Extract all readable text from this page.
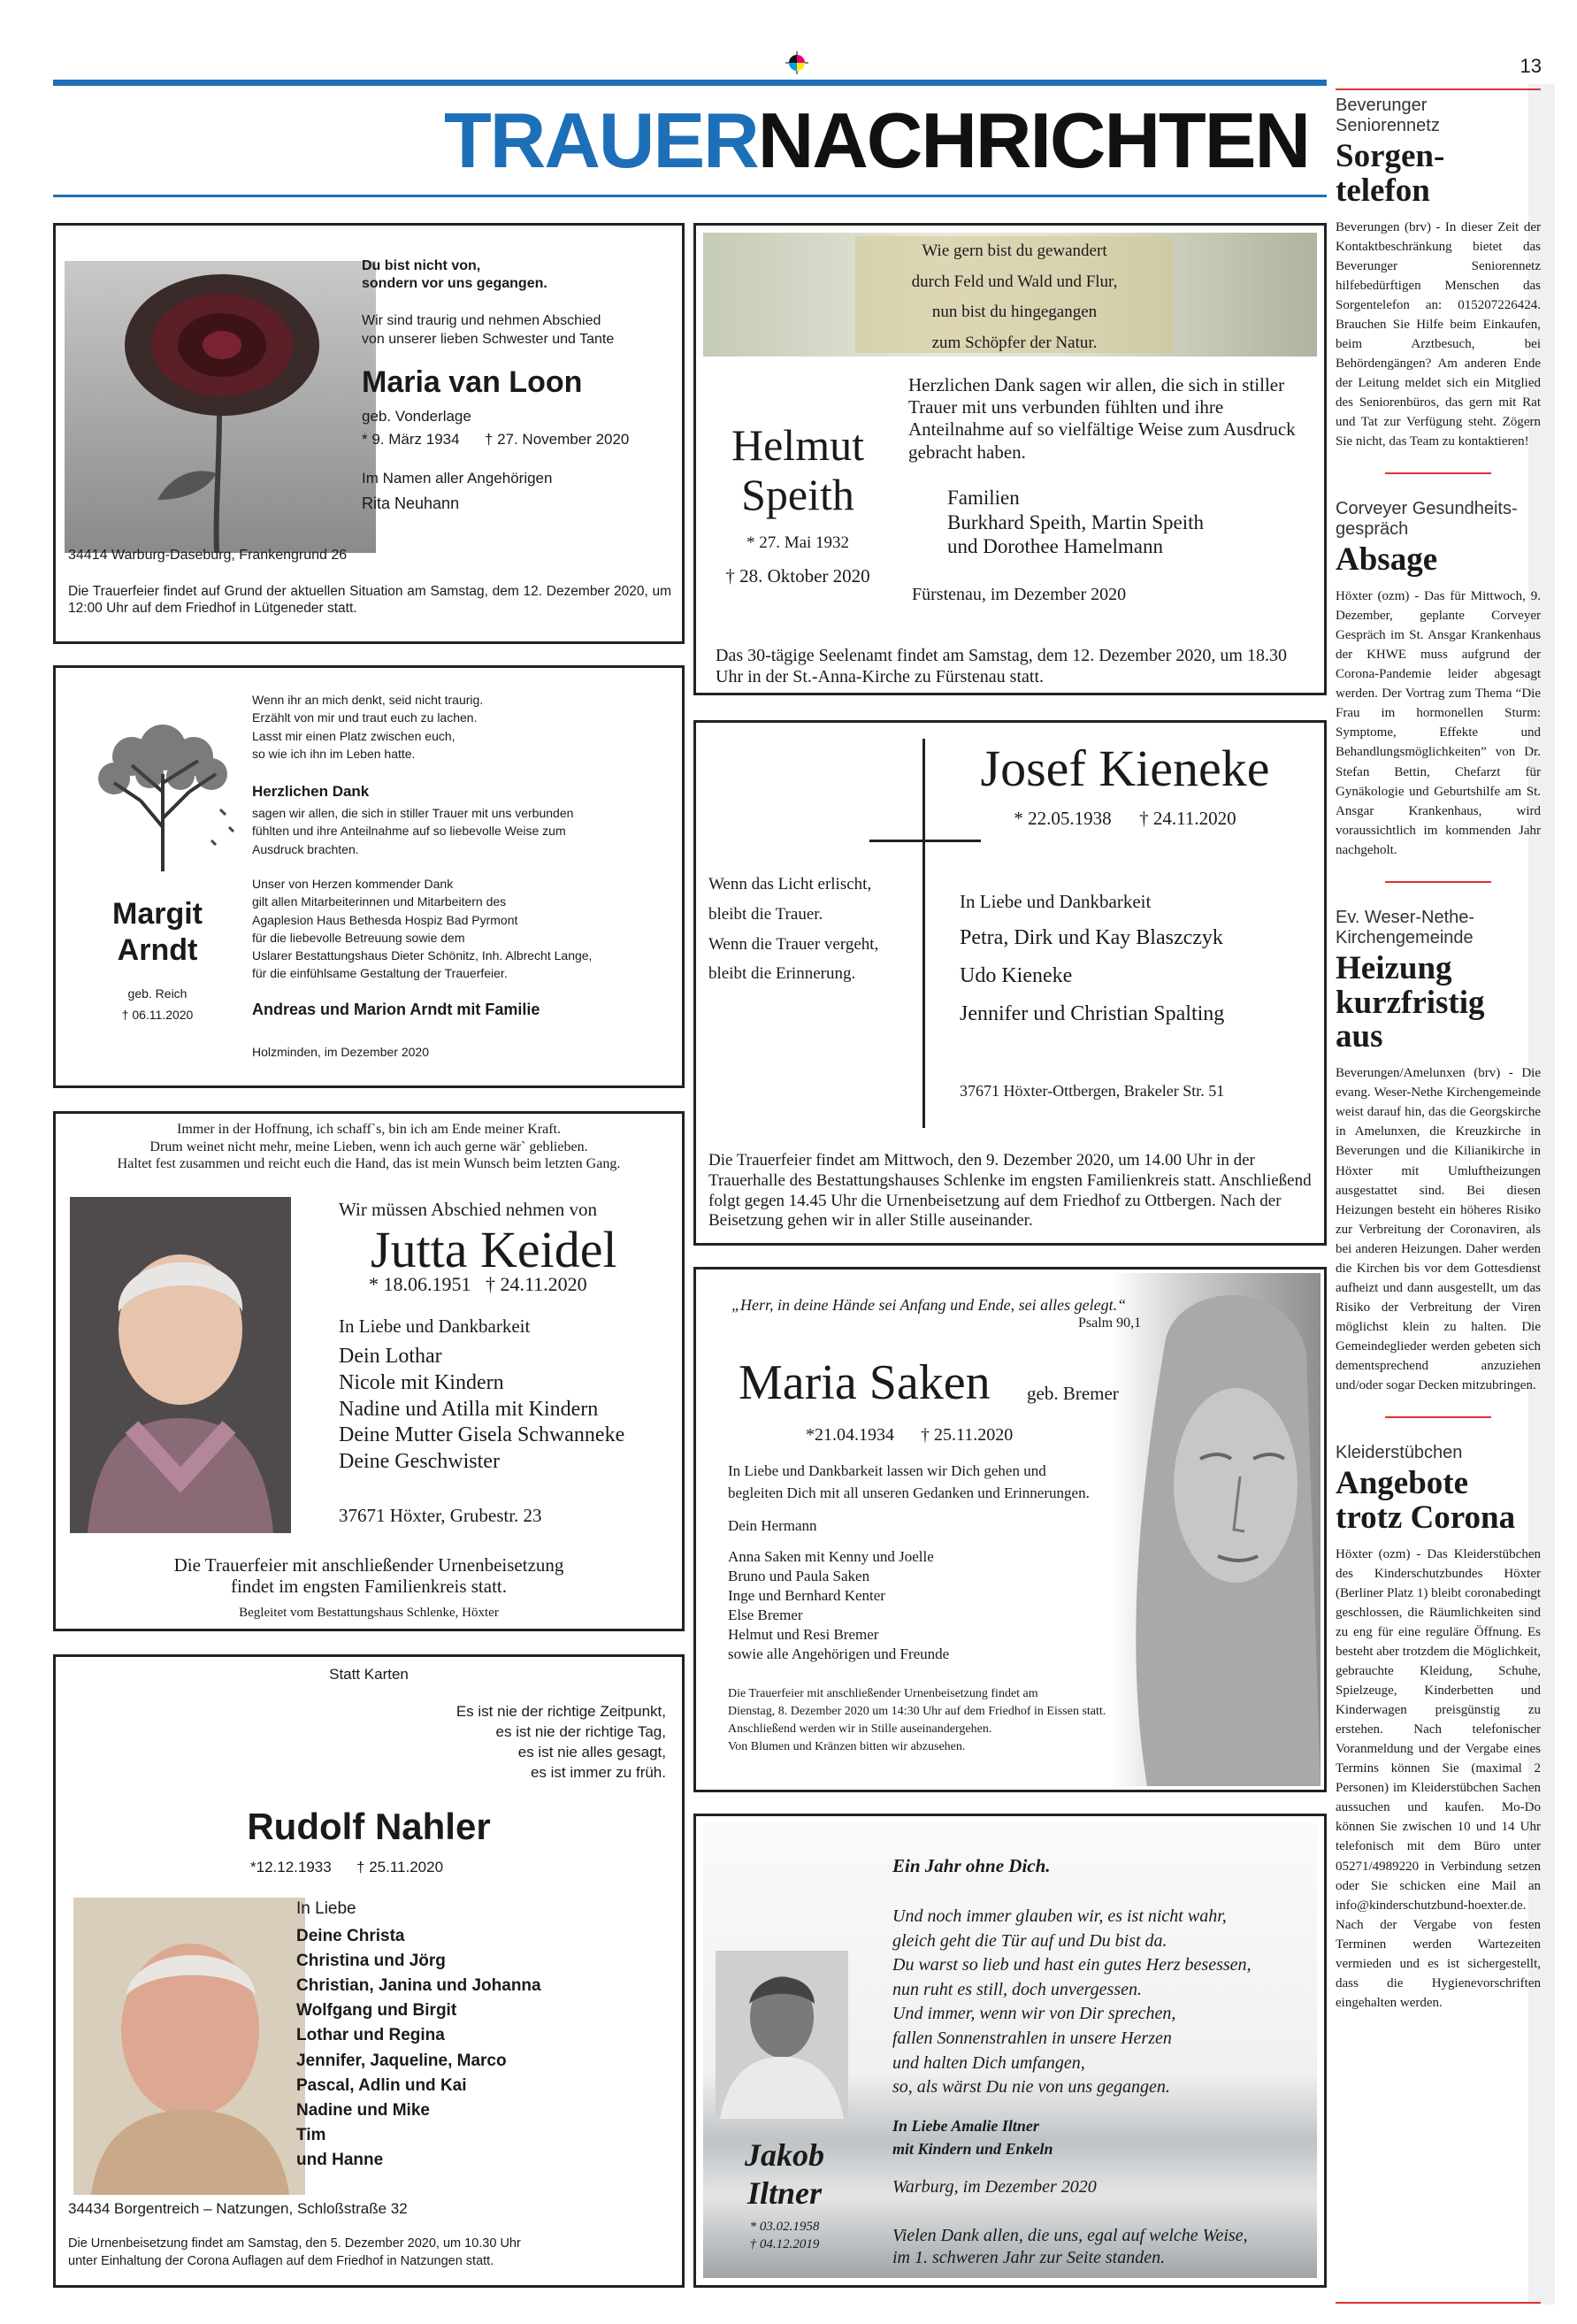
13
TRAUERNACHRICHTEN
Du bist nicht von,
sondern vor uns gegangen.
Wir sind traurig und nehmen Abschied
von unserer lieben Schwester und Tante
Maria van Loon
geb. Vonderlage
* 9. März 1934      † 27. November 2020
Im Namen aller Angehörigen
Rita Neuhann
34414 Warburg-Daseburg, Frankengrund 26
Die Trauerfeier findet auf Grund der aktuellen Situation am Samstag, dem 12. Dezember 2020, um 12:00 Uhr auf dem Friedhof in Lütgeneder statt.
Wie gern bist du gewandert
durch Feld und Wald und Flur,
nun bist du hingegangen
zum Schöpfer der Natur.
Helmut
Speith
* 27. Mai 1932
† 28. Oktober 2020
Herzlichen Dank sagen wir allen, die sich in stiller Trauer mit uns verbunden fühlten und ihre Anteilnahme auf so vielfältige Weise zum Ausdruck gebracht haben.
Familien
Burkhard Speith, Martin Speith
und Dorothee Hamelmann
Fürstenau, im Dezember 2020
Das 30-tägige Seelenamt findet am Samstag, dem 12. Dezember 2020, um 18.30 Uhr in der St.-Anna-Kirche zu Fürstenau statt.
Margit
Arndt
geb. Reich
† 06.11.2020
Wenn ihr an mich denkt, seid nicht traurig.
Erzählt von mir und traut euch zu lachen.
Lasst mir einen Platz zwischen euch,
so wie ich ihn im Leben hatte.
Herzlichen Dank
sagen wir allen, die sich in stiller Trauer mit uns verbunden
fühlten und ihre Anteilnahme auf so liebevolle Weise zum
Ausdruck brachten.
Unser von Herzen kommender Dank
gilt allen Mitarbeiterinnen und Mitarbeitern des
Agaplesion Haus Bethesda Hospiz Bad Pyrmont
für die liebevolle Betreuung sowie dem
Uslarer Bestattungshaus Dieter Schönitz, Inh. Albrecht Lange,
für die einfühlsame Gestaltung der Trauerfeier.
Andreas und Marion Arndt mit Familie
Holzminden, im Dezember 2020
Josef Kieneke
* 22.05.1938      † 24.11.2020
Wenn das Licht erlischt,
bleibt die Trauer.
Wenn die Trauer vergeht,
bleibt die Erinnerung.
In Liebe und Dankbarkeit
Petra, Dirk und Kay Blaszczyk
Udo Kieneke
Jennifer und Christian Spalting
37671 Höxter-Ottbergen, Brakeler Str. 51
Die Trauerfeier findet am Mittwoch, den 9. Dezember 2020, um 14.00 Uhr in der Trauerhalle des Bestattungshauses Schlenke im engsten Familienkreis statt. Anschließend folgt gegen 14.45 Uhr die Urnenbeisetzung auf dem Friedhof zu Ottbergen. Nach der Beisetzung gehen wir in aller Stille auseinander.
Immer in der Hoffnung, ich schaff`s, bin ich am Ende meiner Kraft.
Drum weinet nicht mehr, meine Lieben, wenn ich auch gerne wär` geblieben.
Haltet fest zusammen und reicht euch die Hand, das ist mein Wunsch beim letzten Gang.
Wir müssen Abschied nehmen von
Jutta Keidel
* 18.06.1951   † 24.11.2020
In Liebe und Dankbarkeit
Dein Lothar
Nicole mit Kindern
Nadine und Atilla mit Kindern
Deine Mutter Gisela Schwanneke
Deine Geschwister
37671 Höxter, Grubestr. 23
Die Trauerfeier mit anschließender Urnenbeisetzung
findet im engsten Familienkreis statt.
Begleitet vom Bestattungshaus Schlenke, Höxter
„Herr, in deine Hände sei Anfang und Ende, sei alles gelegt.“
Psalm 90,1
Maria Saken geb. Bremer
*21.04.1934      † 25.11.2020
In Liebe und Dankbarkeit lassen wir Dich gehen und
begleiten Dich mit all unseren Gedanken und Erinnerungen.
Dein Hermann
Anna Saken mit Kenny und Joelle
Bruno und Paula Saken
Inge und Bernhard Kenter
Else Bremer
Helmut und Resi Bremer
sowie alle Angehörigen und Freunde
Die Trauerfeier mit anschließender Urnenbeisetzung findet am
Dienstag, 8. Dezember 2020 um 14:30 Uhr auf dem Friedhof in Eissen statt.
Anschließend werden wir in Stille auseinandergehen.
Von Blumen und Kränzen bitten wir abzusehen.
Statt Karten
Es ist nie der richtige Zeitpunkt,
es ist nie der richtige Tag,
es ist nie alles gesagt,
es ist immer zu früh.
Rudolf Nahler
*12.12.1933      † 25.11.2020
In Liebe
Deine Christa
Christina und Jörg
Christian, Janina und Johanna
Wolfgang und Birgit
Lothar und Regina
Jennifer, Jaqueline, Marco
Pascal, Adlin und Kai
Nadine und Mike
Tim
und Hanne
34434 Borgentreich – Natzungen, Schloßstraße 32
Die Urnenbeisetzung findet am Samstag, den 5. Dezember 2020, um 10.30 Uhr
unter Einhaltung der Corona Auflagen auf dem Friedhof in Natzungen statt.
Ein Jahr ohne Dich.
Und noch immer glauben wir, es ist nicht wahr,
gleich geht die Tür auf und Du bist da.
Du warst so lieb und hast ein gutes Herz besessen,
nun ruht es still, doch unvergessen.
Und immer, wenn wir von Dir sprechen,
fallen Sonnenstrahlen in unsere Herzen
und halten Dich umfangen,
so, als wärst Du nie von uns gegangen.
Jakob
Iltner
* 03.02.1958
† 04.12.2019
In Liebe Amalie Iltner
mit Kindern und Enkeln
Warburg, im Dezember 2020
Vielen Dank allen, die uns, egal auf welche Weise,
im 1. schweren Jahr zur Seite standen.
Beverunger
Seniorennetz
Sorgen-
telefon
Beverungen (brv) - In dieser Zeit der Kontaktbeschränkung bietet das Beverunger Seniorennetz hilfebedürftigen Menschen das Sorgentelefon an: 015207226424. Brauchen Sie Hilfe beim Einkaufen, beim Arztbesuch, bei Behördengängen? Am anderen Ende der Leitung meldet sich ein Mitglied des Seniorenbüros, das gern mit Rat und Tat zur Verfügung steht. Zögern Sie nicht, das Team zu kontaktieren!
Corveyer Gesundheits-
gespräch
Absage
Höxter (ozm) - Das für Mittwoch, 9. Dezember, geplante Corveyer Gespräch im St. Ansgar Krankenhaus der KHWE muss aufgrund der Corona-Pandemie leider abgesagt werden. Der Vortrag zum Thema “Die Frau im hormonellen Sturm: Symptome, Effekte und Behandlungsmöglichkeiten” von Dr. Stefan Bettin, Chefarzt für Gynäkologie und Geburtshilfe am St. Ansgar Krankenhaus, wird voraussichtlich im kommenden Jahr nachgeholt.
Ev. Weser-Nethe-
Kirchengemeinde
Heizung
kurzfristig
aus
Beverungen/Amelunxen (brv) - Die evang. Weser-Nethe Kirchengemeinde weist darauf hin, das die Georgskirche in Amelunxen, die Kreuzkirche in Beverungen und die Kilianikirche in Höxter mit Umluftheizungen ausgestattet sind. Bei diesen Heizungen besteht ein höheres Risiko zur Verbreitung der Coronaviren, als bei anderen Heizungen. Daher werden die Kirchen bis vor dem Gottesdienst aufheizt und dann ausgestellt, um das Risiko der Verbreitung der Viren möglichst klein zu halten. Die Gemeindeglieder werden gebeten sich dementsprechend anzuziehen und/oder sogar Decken mitzubringen.
Kleiderstübchen
Angebote
trotz Corona
Höxter (ozm) - Das Kleiderstübchen des Kinderschutzbundes Höxter (Berliner Platz 1) bleibt coronabedingt geschlossen, die Räumlichkeiten sind zu eng für eine reguläre Öffnung. Es besteht aber trotzdem die Möglichkeit, gebrauchte Kleidung, Schuhe, Spielzeuge, Kinderbetten und Kinderwagen preisgünstig zu erstehen. Nach telefonischer Voranmeldung und der Vergabe eines Termins können Sie (maximal 2 Personen) im Kleiderstübchen Sachen aussuchen und kaufen. Mo-Do können Sie zwischen 10 und 14 Uhr telefonisch mit dem Büro unter 05271/4989220 in Verbindung setzen oder Sie schicken eine Mail an info@kinderschutzbund-hoexter.de. Nach der Vergabe von festen Terminen werden Wartezeiten vermieden und es ist sichergestellt, dass die Hygienevorschriften eingehalten werden.
